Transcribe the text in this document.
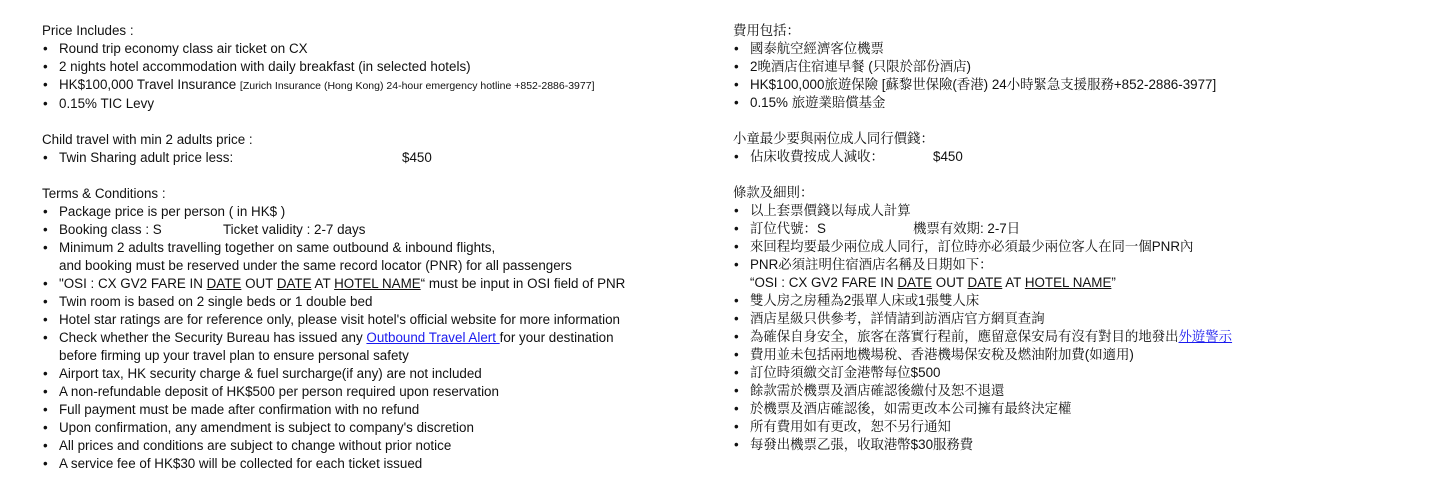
Price Includes :
• Round trip economy class air ticket on CX
• 2 nights hotel accommodation with daily breakfast (in selected hotels)
• HK$100,000 Travel Insurance [Zurich Insurance (Hong Kong) 24-hour emergency hotline +852-2886-3977]
• 0.15% TIC Levy
Child travel with min 2 adults price :
• Twin Sharing adult price less:	$450
Terms & Conditions :
• Package price is per person ( in HK$ )
• Booking class : S	Ticket validity : 2-7 days
• Minimum 2 adults travelling together on same outbound & inbound flights,
and booking must be reserved under the same record locator (PNR) for all passengers
• "OSI : CX GV2 FARE IN DATE OUT DATE AT HOTEL NAME“ must be input in OSI field of PNR
• Twin room is based on 2 single beds or 1 double bed
• Hotel star ratings are for reference only, please visit hotel's official website for more information
• Check whether the Security Bureau has issued any Outbound Travel Alert for your destination
before firming up your travel plan to ensure personal safety
• Airport tax, HK security charge & fuel surcharge(if any) are not included
• A non-refundable deposit of HK$500 per person required upon reservation
• Full payment must be made after confirmation with no refund
• Upon confirmation, any amendment is subject to company's discretion
• All prices and conditions are subject to change without prior notice
• A service fee of HK$30 will be collected for each ticket issued
費用包括：
• 國泰航空經濟客位機票
• 2晚酒店住宿連早餐 (只限於部份酒店)
• HK$100,000旅遊保險 [蘇黎世保險(香港) 24小時緊急支援服務+852-2886-3977]
• 0.15% 旅遊業賠償基金
小童最少要與兩位成人同行價錢：
• 佔床收費按成人減收：	$450
條款及細則：
• 以上套票價錢以每成人計算
• 訂位代號：S	機票有效期: 2-7日
• 來回程均要最少兩位成人同行，訂位時亦必須最少兩位客人在同一個PNR內
• PNR必須註明住宿酒店名稱及日期如下：
“OSI : CX GV2 FARE IN DATE OUT DATE AT HOTEL NAME”
• 雙人房之房種為2張單人床或1張雙人床
• 酒店星級只供參考，詳情請到訪酒店官方網頁查詢
• 為確保自身安全，旅客在落實行程前，應留意保安局有沒有對目的地發出外遊警示
• 費用並未包括兩地機場稅、香港機場保安稅及燃油附加費(如適用)
• 訂位時須繳交訂金港幣每位$500
• 餘款需於機票及酒店確認後繳付及恕不退還
• 於機票及酒店確認後，如需更改本公司擁有最終決定權
• 所有費用如有更改，恕不另行通知
• 每發出機票乙張，收取港幣$30服務費
